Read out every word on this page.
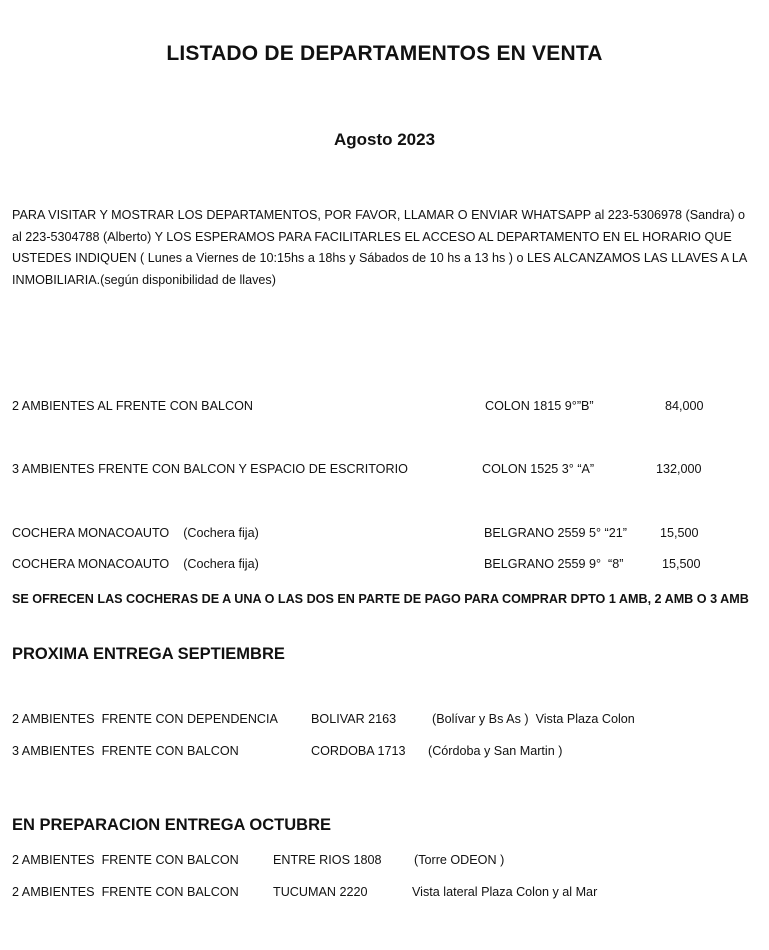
LISTADO DE DEPARTAMENTOS EN VENTA
Agosto 2023
PARA VISITAR Y MOSTRAR LOS DEPARTAMENTOS, POR FAVOR, LLAMAR O ENVIAR WHATSAPP al 223-5306978 (Sandra) o al 223-5304788 (Alberto) Y LOS ESPERAMOS PARA FACILITARLES EL ACCESO AL DEPARTAMENTO EN EL HORARIO QUE USTEDES INDIQUEN ( Lunes a Viernes de 10:15hs a 18hs y Sábados de 10 hs a 13 hs ) o LES ALCANZAMOS LAS LLAVES A LA INMOBILIARIA.(según disponibilidad de llaves)
2 AMBIENTES AL FRENTE CON BALCON	COLON 1815 9°”B”	84,000
3 AMBIENTES FRENTE CON BALCON Y ESPACIO DE ESCRITORIO	COLON 1525 3° “A”	132,000
COCHERA MONACOAUTO    (Cochera fija)	BELGRANO 2559 5° “21”	15,500
COCHERA MONACOAUTO    (Cochera fija)	BELGRANO 2559 9°  “8”	15,500
SE OFRECEN LAS COCHERAS DE A UNA O LAS DOS EN PARTE DE PAGO PARA COMPRAR DPTO 1 AMB, 2 AMB O 3 AMB
PROXIMA ENTREGA SEPTIEMBRE
2 AMBIENTES  FRENTE CON DEPENDENCIA	BOLIVAR 2163	(Bolívar y Bs As )  Vista Plaza Colon
3 AMBIENTES  FRENTE CON BALCON	CORDOBA 1713 (Córdoba y San Martin )
EN PREPARACION ENTREGA OCTUBRE
2 AMBIENTES  FRENTE CON BALCON	ENTRE RIOS 1808	(Torre ODEON )
2 AMBIENTES  FRENTE CON BALCON	TUCUMAN 2220	Vista lateral Plaza Colon y al Mar
